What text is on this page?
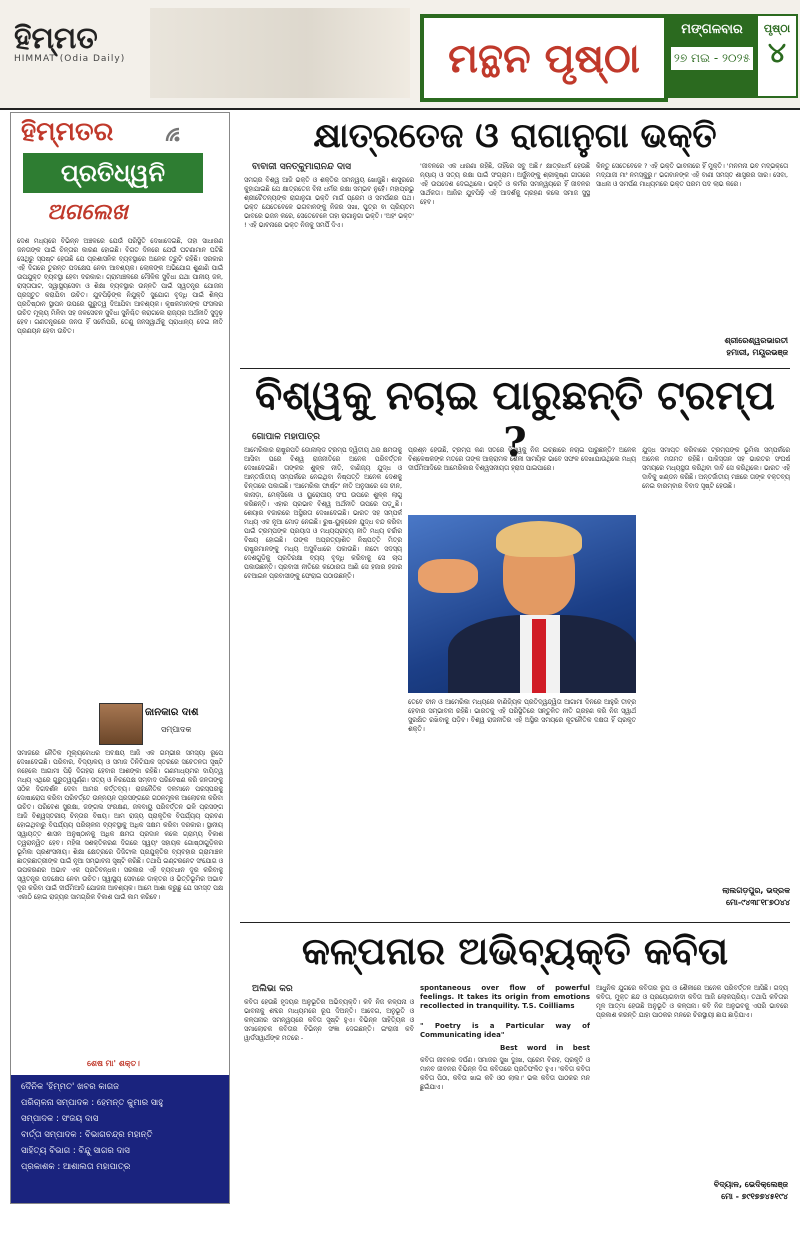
ହିମ୍ମତ
HIMMAT (Odia Daily)	ମନ୍ଥନ ପୃଷ୍ଠା
ମଙ୍ଗଳବାର
୨୭ ମଇ - ୨୦୨୫
ପୃଷ୍ଠା
୪
ହିମ୍ମତର
ପ୍ରତିଧ୍ୱନି
ଅଗଲେଖ
ଦେଶ ମଧ୍ୟରେ ବିଭିନ୍ନ ଅଞ୍ଚଳରେ ଯେଉଁ ପରିସ୍ଥିତି ଦେଖାଦେଇଛି, ତାହା ସାଧାରଣ ଜନତାଙ୍କ ପାଇଁ ଚିନ୍ତାର କାରଣ ହୋଇଛି। ବିଗତ ଦିନରେ ଯେଉଁ ଘଟଣାମାନ ଘଟିଛି ସେଥିରୁ ସ୍ପଷ୍ଟ ହେଉଛି ଯେ ପ୍ରଶାସନିକ ବ୍ୟବସ୍ଥାରେ ଅନେକ ତ୍ରୁଟି ରହିଛି। ସରକାର ଏହି ଦିଗରେ ତୁରନ୍ତ ପଦକ୍ଷେପ ନେବା ଆବଶ୍ୟକ। ଲୋକଙ୍କ ଅଭିଯୋଗ ଶୁଣାଣି ପାଇଁ ଉପଯୁକ୍ତ ବ୍ୟବସ୍ଥା ହେବା ଦରକାର। ଗ୍ରାମାଞ୍ଚଳରେ ମୌଳିକ ସୁବିଧା ଯଥା ପାନୀୟ ଜଳ, ରାସ୍ତାଘାଟ, ସ୍ୱାସ୍ଥ୍ୟସେବା ଓ ଶିକ୍ଷା ବ୍ୟବସ୍ଥାର ଉନ୍ନତି ପାଇଁ ସ୍ୱତନ୍ତ୍ର ଯୋଜନା ପ୍ରସ୍ତୁତ କରାଯିବା ଉଚିତ। ଯୁବପିଢ଼ିଙ୍କ ନିଯୁକ୍ତି ସୁଯୋଗ ବୃଦ୍ଧି ପାଇଁ ଶିଳ୍ପ ପ୍ରତିଷ୍ଠାନ ସ୍ଥାପନ ଉପରେ ଗୁରୁତ୍ୱ ଦିଆଯିବା ଆବଶ୍ୟକ। କୃଷକମାନଙ୍କ ଫସଲର ଉଚିତ ମୂଲ୍ୟ ମିଳିବା ସହ ଜଳସେଚନ ସୁବିଧା ସୁନିଶ୍ଚିତ କରାଗଲେ ରାଜ୍ୟର ଅର୍ଥନୀତି ସୁଦୃଢ଼ ହେବ। ଗଣତନ୍ତ୍ରରେ ଜନତା ହିଁ ସର୍ବୋପରି, ତେଣୁ ଜନସ୍ୱାର୍ଥକୁ ପ୍ରାଧାନ୍ୟ ଦେଇ ନୀତି ପ୍ରଣୟନ ହେବା ଉଚିତ।
ଜାନକାର ଦାଶ
ସମ୍ପାଦକ
ସମାଜରେ ନୈତିକ ମୂଲ୍ୟବୋଧର ଅବକ୍ଷୟ ଆଜି ଏକ ଗମ୍ଭୀର ସମସ୍ୟା ରୂପେ ଦେଖାଦେଇଛି। ପରିବାର, ବିଦ୍ୟାଳୟ ଓ ସମାଜ ତିନିଟିଯାକ ସ୍ତରରେ ସଚେତନତା ସୃଷ୍ଟି ନହେଲେ ଆଗାମୀ ପିଢ଼ି ଦିଗହରା ହେବାର ଆଶଙ୍କା ରହିଛି। ଗଣମାଧ୍ୟମର ଦାୟିତ୍ୱ ମଧ୍ୟ ଏଥିରେ ଗୁରୁତ୍ୱପୂର୍ଣ୍ଣ। ସତ୍ୟ ଓ ନିରପେକ୍ଷ ସମ୍ବାଦ ପରିବେଷଣ କରି ଜନତାଙ୍କୁ ସଠିକ ଦିଗଦର୍ଶନ ଦେବା ଆମର କର୍ତ୍ତବ୍ୟ। ରାଜନୈତିକ ଦଳମାନେ ପରସ୍ପରକୁ ଦୋଷାରୋପ କରିବା ପରିବର୍ତ୍ତେ ଉନ୍ନୟନ ପ୍ରସଙ୍ଗରେ ଗଠନମୂଳକ ଆଲୋଚନା କରିବା ଉଚିତ। ପରିବେଶ ସୁରକ୍ଷା, ଜଙ୍ଗଲ ସଂରକ୍ଷଣ, ଜଳବାୟୁ ପରିବର୍ତ୍ତନ ଭଳି ପ୍ରସଙ୍ଗ ଆଜି ବିଶ୍ୱସ୍ତରୀୟ ଚିନ୍ତାର ବିଷୟ। ଆମ ରାଜ୍ୟ ପ୍ରାକୃତିକ ବିପର୍ଯ୍ୟୟ ପ୍ରବଣ ହୋଇଥିବାରୁ ବିପର୍ଯ୍ୟୟ ପରିଚାଳନା ବ୍ୟବସ୍ଥାକୁ ଅଧିକ ସକ୍ଷମ କରିବା ଦରକାର। ସ୍ଥାନୀୟ ସ୍ୱାୟତ୍ତ ଶାସନ ଅନୁଷ୍ଠାନକୁ ଅଧିକ କ୍ଷମତା ପ୍ରଦାନ କଲେ ଗ୍ରାମ୍ୟ ବିକାଶ ତ୍ୱରାନ୍ୱିତ ହେବ। ମହିଳା ସଶକ୍ତିକରଣ ଦିଗରେ ସ୍ୱୟଂ ସହାୟକ ଗୋଷ୍ଠୀଗୁଡ଼ିକର ଭୂମିକା ପ୍ରଶଂସନୀୟ। ଶିକ୍ଷା କ୍ଷେତ୍ରରେ ଡିଜିଟାଲ ପ୍ରଯୁକ୍ତିର ବ୍ୟବହାର ଗ୍ରାମାଞ୍ଚଳ ଛାତ୍ରଛାତ୍ରୀଙ୍କ ପାଇଁ ନୂଆ ସମ୍ଭାବନା ସୃଷ୍ଟି କରିଛି। ତଥାପି ଇଣ୍ଟରନେଟ ସଂଯୋଗ ଓ ଉପକରଣର ଅଭାବ ଏକ ପ୍ରତିବନ୍ଧକ। ସରକାର ଏହି ବ୍ୟବଧାନ ଦୂର କରିବାକୁ ସ୍ୱତନ୍ତ୍ର ପଦକ୍ଷେପ ନେବା ଉଚିତ। ସ୍ୱାସ୍ଥ୍ୟ ସେବାରେ ଡାକ୍ତର ଓ ଭିତ୍ତିଭୂମିର ଅଭାବ ଦୂର କରିବା ପାଇଁ ଦୀର୍ଘମିଆଦି ଯୋଜନା ଆବଶ୍ୟକ। ଆମେ ଆଶା କରୁଛୁ ଯେ ସମସ୍ତ ପକ୍ଷ ଏକାଠି ହୋଇ ରାଜ୍ୟର ସାମଗ୍ରିକ ବିକାଶ ପାଇଁ କାମ କରିବେ।
ଶେଷ ମା' ଶକ୍ତ।
ଦୈନିକ 'ହିମ୍ମତ' ଖବର କାଗଜ
ପରିଚାଳନା ସମ୍ପାଦକ : ହେମନ୍ତ କୁମାର ସାହୁ
ସମ୍ପାଦକ : ସଂଜୟ ଦାସ
ବାର୍ତ୍ତା ସମ୍ପାଦକ : ବିଭାଗଚନ୍ଦ୍ର ମହାନ୍ତି
ସାହିତ୍ୟ ବିଭାଗ : ବିନ୍ଦୁ ସାଗର ଦାସ
ପ୍ରକାଶକ : ଆଶାଲତା ମହାପାତ୍ର
କ୍ଷାତ୍ରତେଜ ଓ ରାଗାନୁଗା ଭକ୍ତି
ବାବାଜୀ ସନତ୍କୁମାରାନନ୍ଦ ଦାସ
ସମଗ୍ର ବିଶ୍ୱ ଆଜି ଭକ୍ତି ଓ ଶକ୍ତିର ସମନ୍ୱୟ ଖୋଜୁଛି। ଶାସ୍ତ୍ରରେ କୁହାଯାଇଛି ଯେ କ୍ଷାତ୍ରତେଜ ବିନା ଧର୍ମର ରକ୍ଷା ସମ୍ଭବ ନୁହେଁ। ମହାପ୍ରଭୁ ଶ୍ରୀଚୈତନ୍ୟଙ୍କ ରାଗାନୁଗା ଭକ୍ତି ମାର୍ଗ ପ୍ରେମ ଓ ସମର୍ପଣର ପଥ। ଭକ୍ତ ଯେତେବେଳେ ଭଗବାନଙ୍କୁ ନିଜର ସଖା, ପୁତ୍ର ବା ପ୍ରିୟତମ ଭାବରେ ଭଜନ କରେ, ସେତେବେଳେ ତାହା ରାଗାନୁଗା ଭକ୍ତି। 'ଅହଂ ଭକ୍ତ' ! ଏହି ଭାବନାରେ ଭକ୍ତ ନିଜକୁ ସମର୍ପି ଦିଏ।
'ଜୀବନରେ ଏକ ଧାରଣା ରହିଛି, ତାହିଁରେ ସବୁ ଅଛି।' କ୍ଷାତ୍ରଧର୍ମ ହେଉଛି ନ୍ୟାୟ ଓ ସତ୍ୟ ରକ୍ଷା ପାଇଁ ସଂଗ୍ରାମ। ଅର୍ଜୁନଙ୍କୁ ଶ୍ରୀକୃଷ୍ଣ ଗୀତାରେ ଏହି ଉପଦେଶ ଦେଇଥିଲେ। ଭକ୍ତି ଓ କର୍ମର ସମନ୍ୱୟରେ ହିଁ ଜୀବନର ସାର୍ଥକତା। ଆଜିର ଯୁବପିଢ଼ି ଏହି ଆଦର୍ଶକୁ ଗ୍ରହଣ କଲେ ସମାଜ ସୁସ୍ଥ ହେବ।
କିନ୍ତୁ ସେତେବେଳେ ? ଏହି ଭକ୍ତି ଭାବନାରେ ହିଁ ମୁକ୍ତି। 'ମନମନା ଭବ ମଦ୍ଭକ୍ତୋ ମଦ୍ଯାଜୀ ମାଂ ନମସ୍କୁରୁ।' ଭଗବାନଙ୍କ ଏହି ବାଣୀ ସମସ୍ତ ଶାସ୍ତ୍ରର ସାର। ସେବା, ସାଧନା ଓ ସମର୍ପଣ ମାଧ୍ୟମରେ ଭକ୍ତ ପରମ ପଦ ଲାଭ କରେ।
ଶ୍ରୀରେଶ୍ୱରଭାରତୀ
ହମାରୀ, ମୟୂରଭଞ୍ଜ
ବିଶ୍ୱକୁ ନଚାଇ ପାରୁଛନ୍ତି ଟ୍ରମ୍ପ ?
ଗୋପାଳ ମହାପାତ୍ର
ଆମେରିକାର ରାଷ୍ଟ୍ରପତି ଡୋନାଲ୍ଡ ଟ୍ରମ୍ପ ଦ୍ୱିତୀୟ ଥର କ୍ଷମତାକୁ ଆସିବା ପରେ ବିଶ୍ୱ ରାଜନୀତିରେ ଅନେକ ପରିବର୍ତ୍ତନ ଦେଖାଦେଇଛି। ତାଙ୍କର ଶୁଳ୍କ ନୀତି, ବାଣିଜ୍ୟ ଯୁଦ୍ଧ ଓ ଆନ୍ତର୍ଜାତୀୟ ସମ୍ପର୍କରେ ନେଇଥିବା ନିଷ୍ପତ୍ତି ଅନେକ ଦେଶକୁ ଚିନ୍ତାରେ ପକାଇଛି। 'ଆମେରିକା ଫାର୍ଷ୍ଟ' ନୀତି ଅନୁସାରେ ସେ ଚୀନ, କାନାଡ଼ା, ମେକ୍ସିକୋ ଓ ୟୁରୋପୀୟ ସଂଘ ଉପରେ ଶୁଳ୍କ ଲାଗୁ କରିଛନ୍ତି। ଏହାର ପ୍ରଭାବ ବିଶ୍ୱ ଅର୍ଥନୀତି ଉପରେ ପଡ଼ୁଛି। ଶେୟାର ବଜାରରେ ଅସ୍ଥିରତା ଦେଖାଦେଇଛି। ଭାରତ ସହ ସମ୍ପର୍କ ମଧ୍ୟ ଏକ ନୂଆ ମୋଡ଼ ନେଇଛି। ରୁଷ-ୟୁକ୍ରେନ ଯୁଦ୍ଧ ବନ୍ଦ କରିବା ପାଇଁ ଟ୍ରମ୍ପଙ୍କ ପ୍ରୟାସ ଓ ମଧ୍ୟପ୍ରାଚ୍ୟ ନୀତି ମଧ୍ୟ ଚର୍ଚ୍ଚାର ବିଷୟ ହୋଇଛି। ତାଙ୍କ ଅପ୍ରତ୍ୟାଶିତ ନିଷ୍ପତ୍ତି ମିତ୍ର ରାଷ୍ଟ୍ରମାନଙ୍କୁ ମଧ୍ୟ ଅସୁବିଧାରେ ପକାଉଛି। ନାଟୋ ସଦସ୍ୟ ଦେଶଗୁଡ଼ିକୁ ପ୍ରତିରକ୍ଷା ବ୍ୟୟ ବୃଦ୍ଧି କରିବାକୁ ସେ ଚାପ ପକାଉଛନ୍ତି। ପ୍ରବାସୀ ନୀତିରେ କଠୋରତା ଆଣି ସେ ହଜାର ହଜାର ବେଆଇନ ପ୍ରବାସୀଙ୍କୁ ଫେରାଇ ପଠାଉଛନ୍ତି।
ପ୍ରଶ୍ନ ହେଉଛି, ଟ୍ରମ୍ପ କଣ ସତରେ ବିଶ୍ୱକୁ ନିଜ ଇଚ୍ଛାରେ ନଚାଇ ପାରୁଛନ୍ତି? ଅନେକ ବିଶ୍ଳେଷକଙ୍କ ମତରେ ତାଙ୍କ ଆକ୍ରାମକ ଶୈଳୀ ସାମୟିକ ଭାବେ ସଫଳ ଦେଖାଯାଉଥିଲେ ମଧ୍ୟ ଦୀର୍ଘମିଆଦିରେ ଆମେରିକାର ବିଶ୍ୱସନୀୟତା ହ୍ରାସ ପାଇପାରେ।
ତେବେ ଚୀନ ଓ ଆମେରିକା ମଧ୍ୟରେ ବାଣିଜ୍ୟିକ ପ୍ରତିଦ୍ୱନ୍ଦ୍ୱିତା ଆଗାମୀ ଦିନରେ ଆହୁରି ତୀବ୍ର ହେବାର ସମ୍ଭାବନା ରହିଛି। ଭାରତକୁ ଏହି ପରିସ୍ଥିତିରେ ସନ୍ତୁଳିତ ନୀତି ଗ୍ରହଣ କରି ନିଜ ସ୍ୱାର୍ଥ ସୁରକ୍ଷିତ ରଖିବାକୁ ପଡ଼ିବ। ବିଶ୍ୱ ରାଜନୀତିର ଏହି ଅସ୍ଥିର ସମୟରେ କୂଟନୈତିକ ଦକ୍ଷତା ହିଁ ପ୍ରକୃତ ଶକ୍ତି।
ଯୁଦ୍ଧ ସମାପ୍ତ କରିବାରେ ଟ୍ରମ୍ପଙ୍କ ଭୂମିକା ସମ୍ପର୍କରେ ଅନେକ ମତାମତ ରହିଛି। ପାକିସ୍ତାନ ସହ ଭାରତର ସଂଘର୍ଷ ସମୟରେ ମଧ୍ୟସ୍ଥତା କରିଥିବା ଦାବି ସେ କରିଥିଲେ। ଭାରତ ଏହି ଦାବିକୁ ଖଣ୍ଡନ କରିଛି। ଅନ୍ତର୍ଜାତୀୟ ମଞ୍ଚରେ ତାଙ୍କ ବକ୍ତବ୍ୟ ନେଇ ବାରମ୍ବାର ବିବାଦ ସୃଷ୍ଟି ହେଉଛି।
ଲାଲଗଡ଼ପୁର, ଭଦ୍ରକ
ମୋ-୯୪୩୮୧୮୭୦୪୪
କଳ୍ପନାର ଅଭିବ୍ୟକ୍ତି କବିତା
ଅଲିଭା କର
କବିତା ହେଉଛି ହୃଦୟର ଅନୁଭୂତିର ଅଭିବ୍ୟକ୍ତି। କବି ନିଜ କଳ୍ପନା ଓ ଭାବନାକୁ ଶବ୍ଦର ମାଧ୍ୟମରେ ରୂପ ଦିଅନ୍ତି। ଆବେଗ, ଅନୁଭୂତି ଓ କଳ୍ପନାର ସମନ୍ୱୟରେ କବିତା ସୃଷ୍ଟି ହୁଏ। ବିଭିନ୍ନ ସାହିତ୍ୟିକ ଓ ସମାଲୋଚକ କବିତାର ବିଭିନ୍ନ ସଂଜ୍ଞା ଦେଇଛନ୍ତି। ଇଂରାଜୀ କବି ୱାର୍ଡସୱାର୍ଥଙ୍କ ମତରେ -
spontaneous over flow of powerful feelings. It takes its origin from emotions recollected in tranquility. T.S. Coilliams
" Poetry is a Particular way of Communicating idea"
Best word in best
କବିତା ଜୀବନର ଦର୍ପଣ। ସମାଜର ସୁଖ ଦୁଃଖ, ପ୍ରେମ ବିରହ, ପ୍ରକୃତି ଓ ମାନବ ଜୀବନର ବିଭିନ୍ନ ଦିଗ କବିତାରେ ପ୍ରତିଫଳିତ ହୁଏ। 'କବିତା କବିତା କବିତା ପିଠା, କବିତା ଖାଇ କବି ଓଠ ଲାଲ।' ଭଲ କବିତା ପାଠକର ମନ ଛୁଇଁଯାଏ।
ଆଧୁନିକ ଯୁଗରେ କବିତାର ରୂପ ଓ ଶୈଳୀରେ ଅନେକ ପରିବର୍ତ୍ତନ ଆସିଛି। ଗଦ୍ୟ କବିତା, ମୁକ୍ତ ଛନ୍ଦ ଓ ପ୍ରୟୋଗବାଦୀ କବିତା ଆଜି ଲୋକପ୍ରିୟ। ତଥାପି କବିତାର ମୂଳ ଆତ୍ମା ହେଉଛି ଅନୁଭୂତି ଓ କଳ୍ପନା। କବି ନିଜ ଅନୁଭବକୁ ଏପରି ଭାବରେ ପ୍ରକାଶ କରନ୍ତି ଯାହା ପାଠକର ମନରେ ଚିରସ୍ଥାୟୀ ଛାପ ଛାଡ଼ିଯାଏ।
ବିଦ୍ୟାଳ, ଭେଦିକ୍ଲେଞ୍ଜ
ମୋ - ୭୯୧୭୭୪୫୧୯୪
